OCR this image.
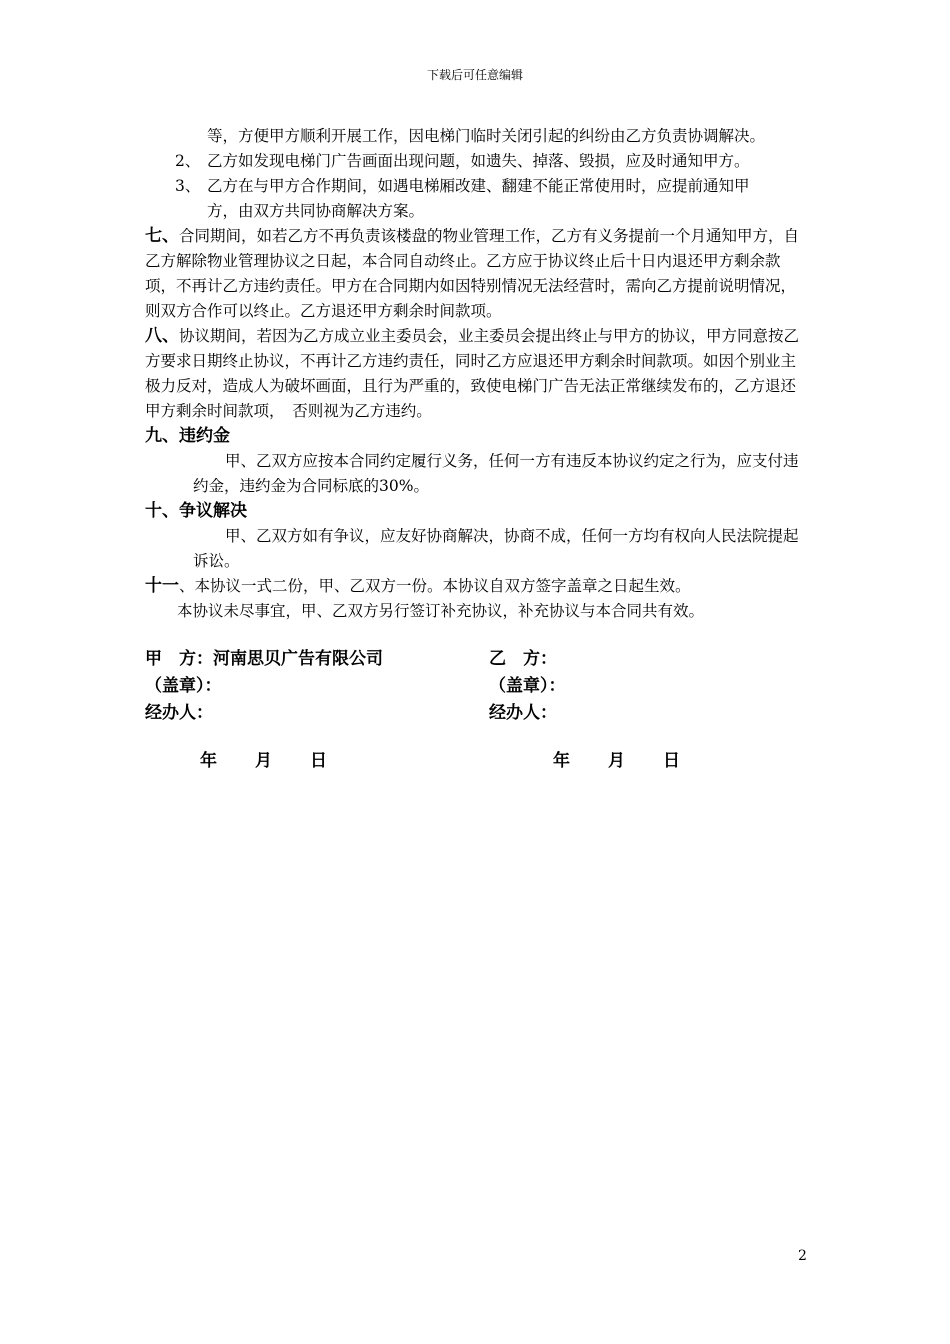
下载后可任意编辑

等，方便甲方顺利开展工作，因电梯门临时关闭引起的纠纷由乙方负责协调解决。

2、 乙方如发现电梯门广告画面出现问题，如遗失、掉落、毁损，应及时通知甲方。

3、 乙方在与甲方合作期间，如遇电梯厢改建、翻建不能正常使用时，应提前通知甲

方，由双方共同协商解决方案。

七、合同期间，如若乙方不再负责该楼盘的物业管理工作，乙方有义务提前一个月通知甲方，自乙方解除物业管理协议之日起，本合同自动终止。乙方应于协议终止后十日内退还甲方剩余款项，不再计乙方违约责任。甲方在合同期内如因特别情况无法经营时，需向乙方提前说明情况，则双方合作可以终止。乙方退还甲方剩余时间款项。

八、协议期间，若因为乙方成立业主委员会，业主委员会提出终止与甲方的协议，甲方同意按乙方要求日期终止协议，不再计乙方违约责任，同时乙方应退还甲方剩余时间款项。如因个别业主极力反对，造成人为破坏画面，且行为严重的，致使电梯门广告无法正常继续发布的，乙方退还甲方剩余时间款项，　否则视为乙方违约。

九、违约金

甲、乙双方应按本合同约定履行义务，任何一方有违反本协议约定之行为，应支付违约金，违约金为合同标底的30%。

十、争议解决

甲、乙双方如有争议，应友好协商解决，协商不成，任何一方均有权向人民法院提起诉讼。

十一、本协议一式二份，甲、乙双方一份。本协议自双方签字盖章之日起生效。

本协议未尽事宜，甲、乙双方另行签订补充协议，补充协议与本合同共有效。

甲　方：河南思贝广告有限公司
（盖章）：
经办人：
乙　方：
（盖章）：
经办人：
年 月 日	年 月 日
2
